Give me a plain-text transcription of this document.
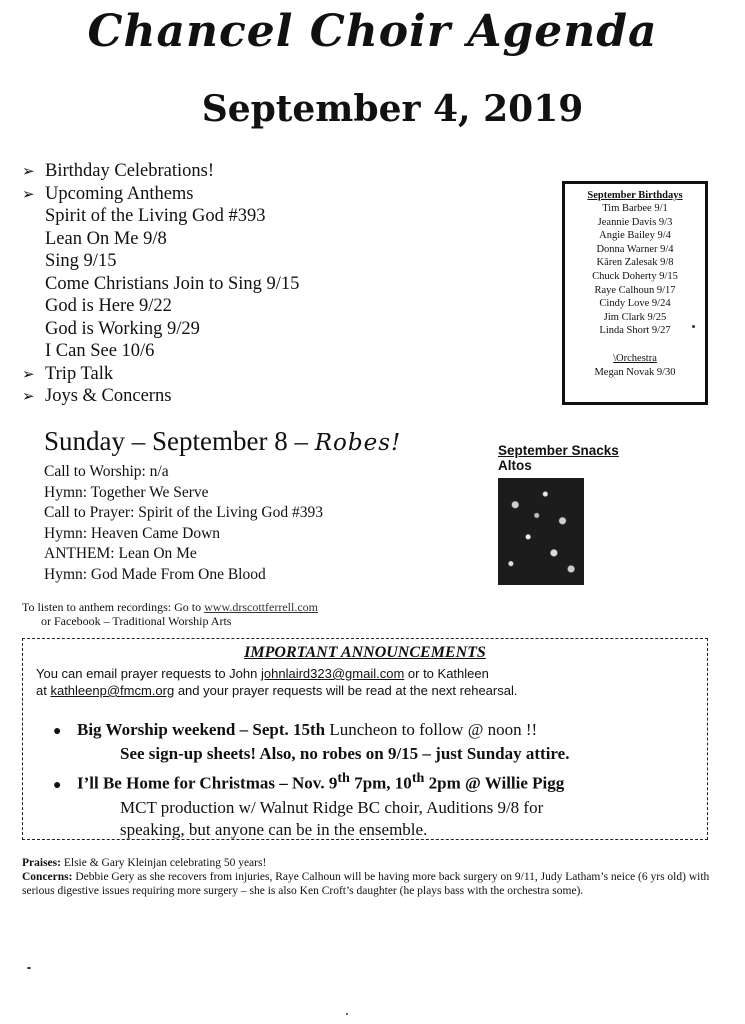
Chancel Choir Agenda
September 4, 2019
➢ Birthday Celebrations!
➢ Upcoming Anthems
Spirit of the Living God #393
Lean On Me 9/8
Sing 9/15
Come Christians Join to Sing 9/15
God is Here 9/22
God is Working 9/29
I Can See 10/6
➢ Trip Talk
➢ Joys & Concerns
September Birthdays
Tim Barbee 9/1
Jeannie Davis 9/3
Angie Bailey 9/4
Donna Warner 9/4
Kāren Zalesak 9/8
Chuck Doherty 9/15
Raye Calhoun 9/17
Cindy Love 9/24
Jim Clark 9/25
Linda Short 9/27
\Orchestra
Megan Novak 9/30
Sunday – September 8 – Robes!
Call to Worship: n/a
Hymn: Together We Serve
Call to Prayer: Spirit of the Living God #393
Hymn: Heaven Came Down
ANTHEM: Lean On Me
Hymn: God Made From One Blood
September Snacks
Altos
To listen to anthem recordings: Go to www.drscottferrell.com
or Facebook – Traditional Worship Arts
IMPORTANT ANNOUNCEMENTS
You can email prayer requests to John johnlaird323@gmail.com or to Kathleen
at kathleenp@fmcm.org and your prayer requests will be read at the next rehearsal.
● Big Worship weekend – Sept. 15th Luncheon to follow @ noon !!
See sign-up sheets! Also, no robes on 9/15 – just Sunday attire.
● I’ll Be Home for Christmas – Nov. 9th 7pm, 10th 2pm @ Willie Pigg
MCT production w/ Walnut Ridge BC choir, Auditions 9/8 for
speaking, but anyone can be in the ensemble.
Praises: Elsie & Gary Kleinjan celebrating 50 years!
Concerns: Debbie Gery as she recovers from injuries, Raye Calhoun will be having more back surgery on 9/11, Judy Latham’s neice (6 yrs old) with serious digestive issues requiring more surgery – she is also Ken Croft’s daughter (he plays bass with the orchestra some).
